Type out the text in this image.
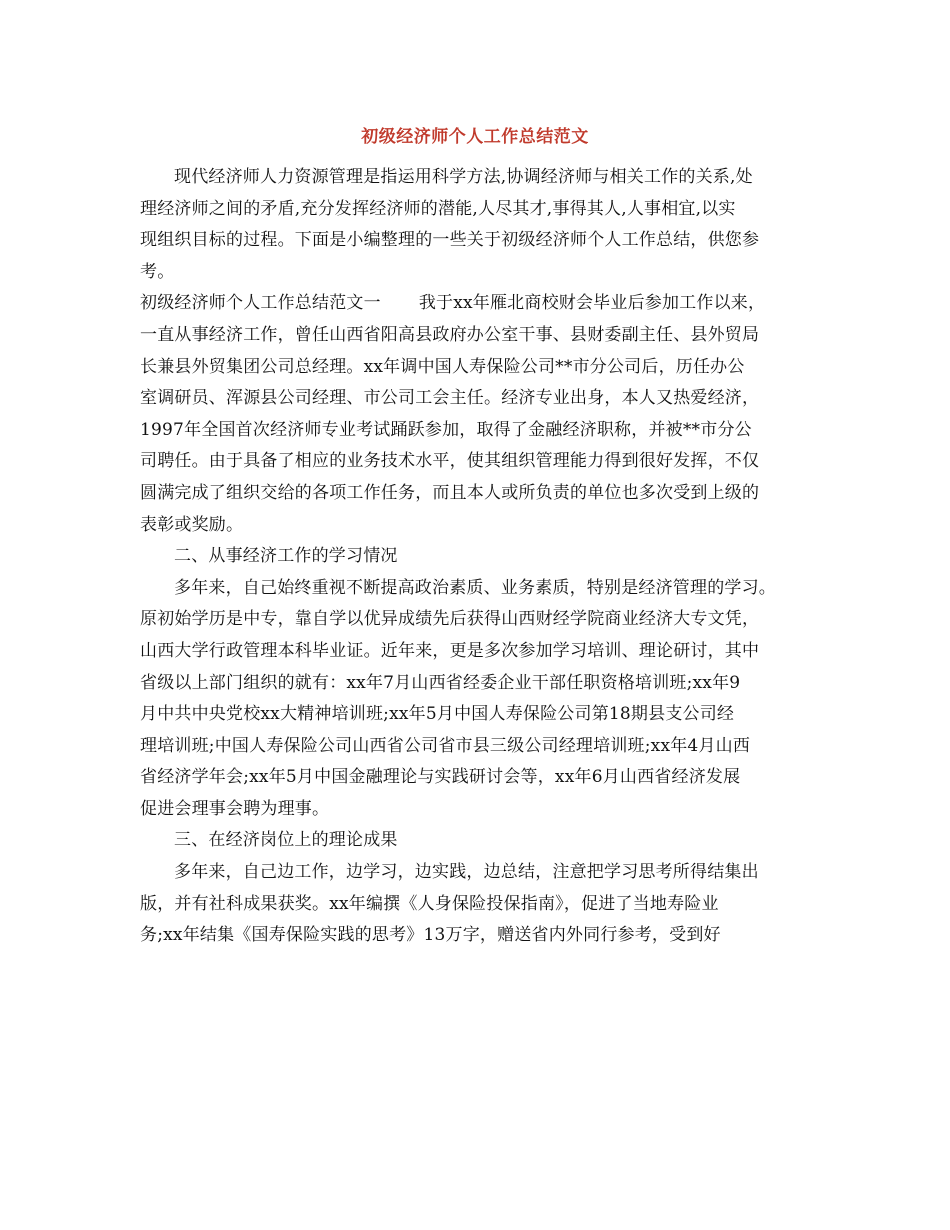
初级经济师个人工作总结范文

现代经济师人力资源管理是指运用科学方法,协调经济师与相关工作的关系,处
理经济师之间的矛盾,充分发挥经济师的潜能,人尽其才,事得其人,人事相宜,以实
现组织目标的过程。下面是小编整理的一些关于初级经济师个人工作总结，供您参
考。

初级经济师个人工作总结范文一 我于xx年雁北商校财会毕业后参加工作以来，
一直从事经济工作，曾任山西省阳高县政府办公室干事、县财委副主任、县外贸局
长兼县外贸集团公司总经理。xx年调中国人寿保险公司**市分公司后，历任办公
室调研员、浑源县公司经理、市公司工会主任。经济专业出身，本人又热爱经济，
1997年全国首次经济师专业考试踊跃参加，取得了金融经济职称，并被**市分公
司聘任。由于具备了相应的业务技术水平，使其组织管理能力得到很好发挥，不仅
圆满完成了组织交给的各项工作任务，而且本人或所负责的单位也多次受到上级的
表彰或奖励。

二、从事经济工作的学习情况

多年来，自己始终重视不断提高政治素质、业务素质，特别是经济管理的学习。
原初始学历是中专，靠自学以优异成绩先后获得山西财经学院商业经济大专文凭，
山西大学行政管理本科毕业证。近年来，更是多次参加学习培训、理论研讨，其中
省级以上部门组织的就有：xx年7月山西省经委企业干部任职资格培训班;xx年9
月中共中央党校xx大精神培训班;xx年5月中国人寿保险公司第18期县支公司经
理培训班;中国人寿保险公司山西省公司省市县三级公司经理培训班;xx年4月山西
省经济学年会;xx年5月中国金融理论与实践研讨会等，xx年6月山西省经济发展
促进会理事会聘为理事。

三、在经济岗位上的理论成果

多年来，自己边工作，边学习，边实践，边总结，注意把学习思考所得结集出
版，并有社科成果获奖。xx年编撰《人身保险投保指南》，促进了当地寿险业
务;xx年结集《国寿保险实践的思考》13万字，赠送省内外同行参考，受到好
